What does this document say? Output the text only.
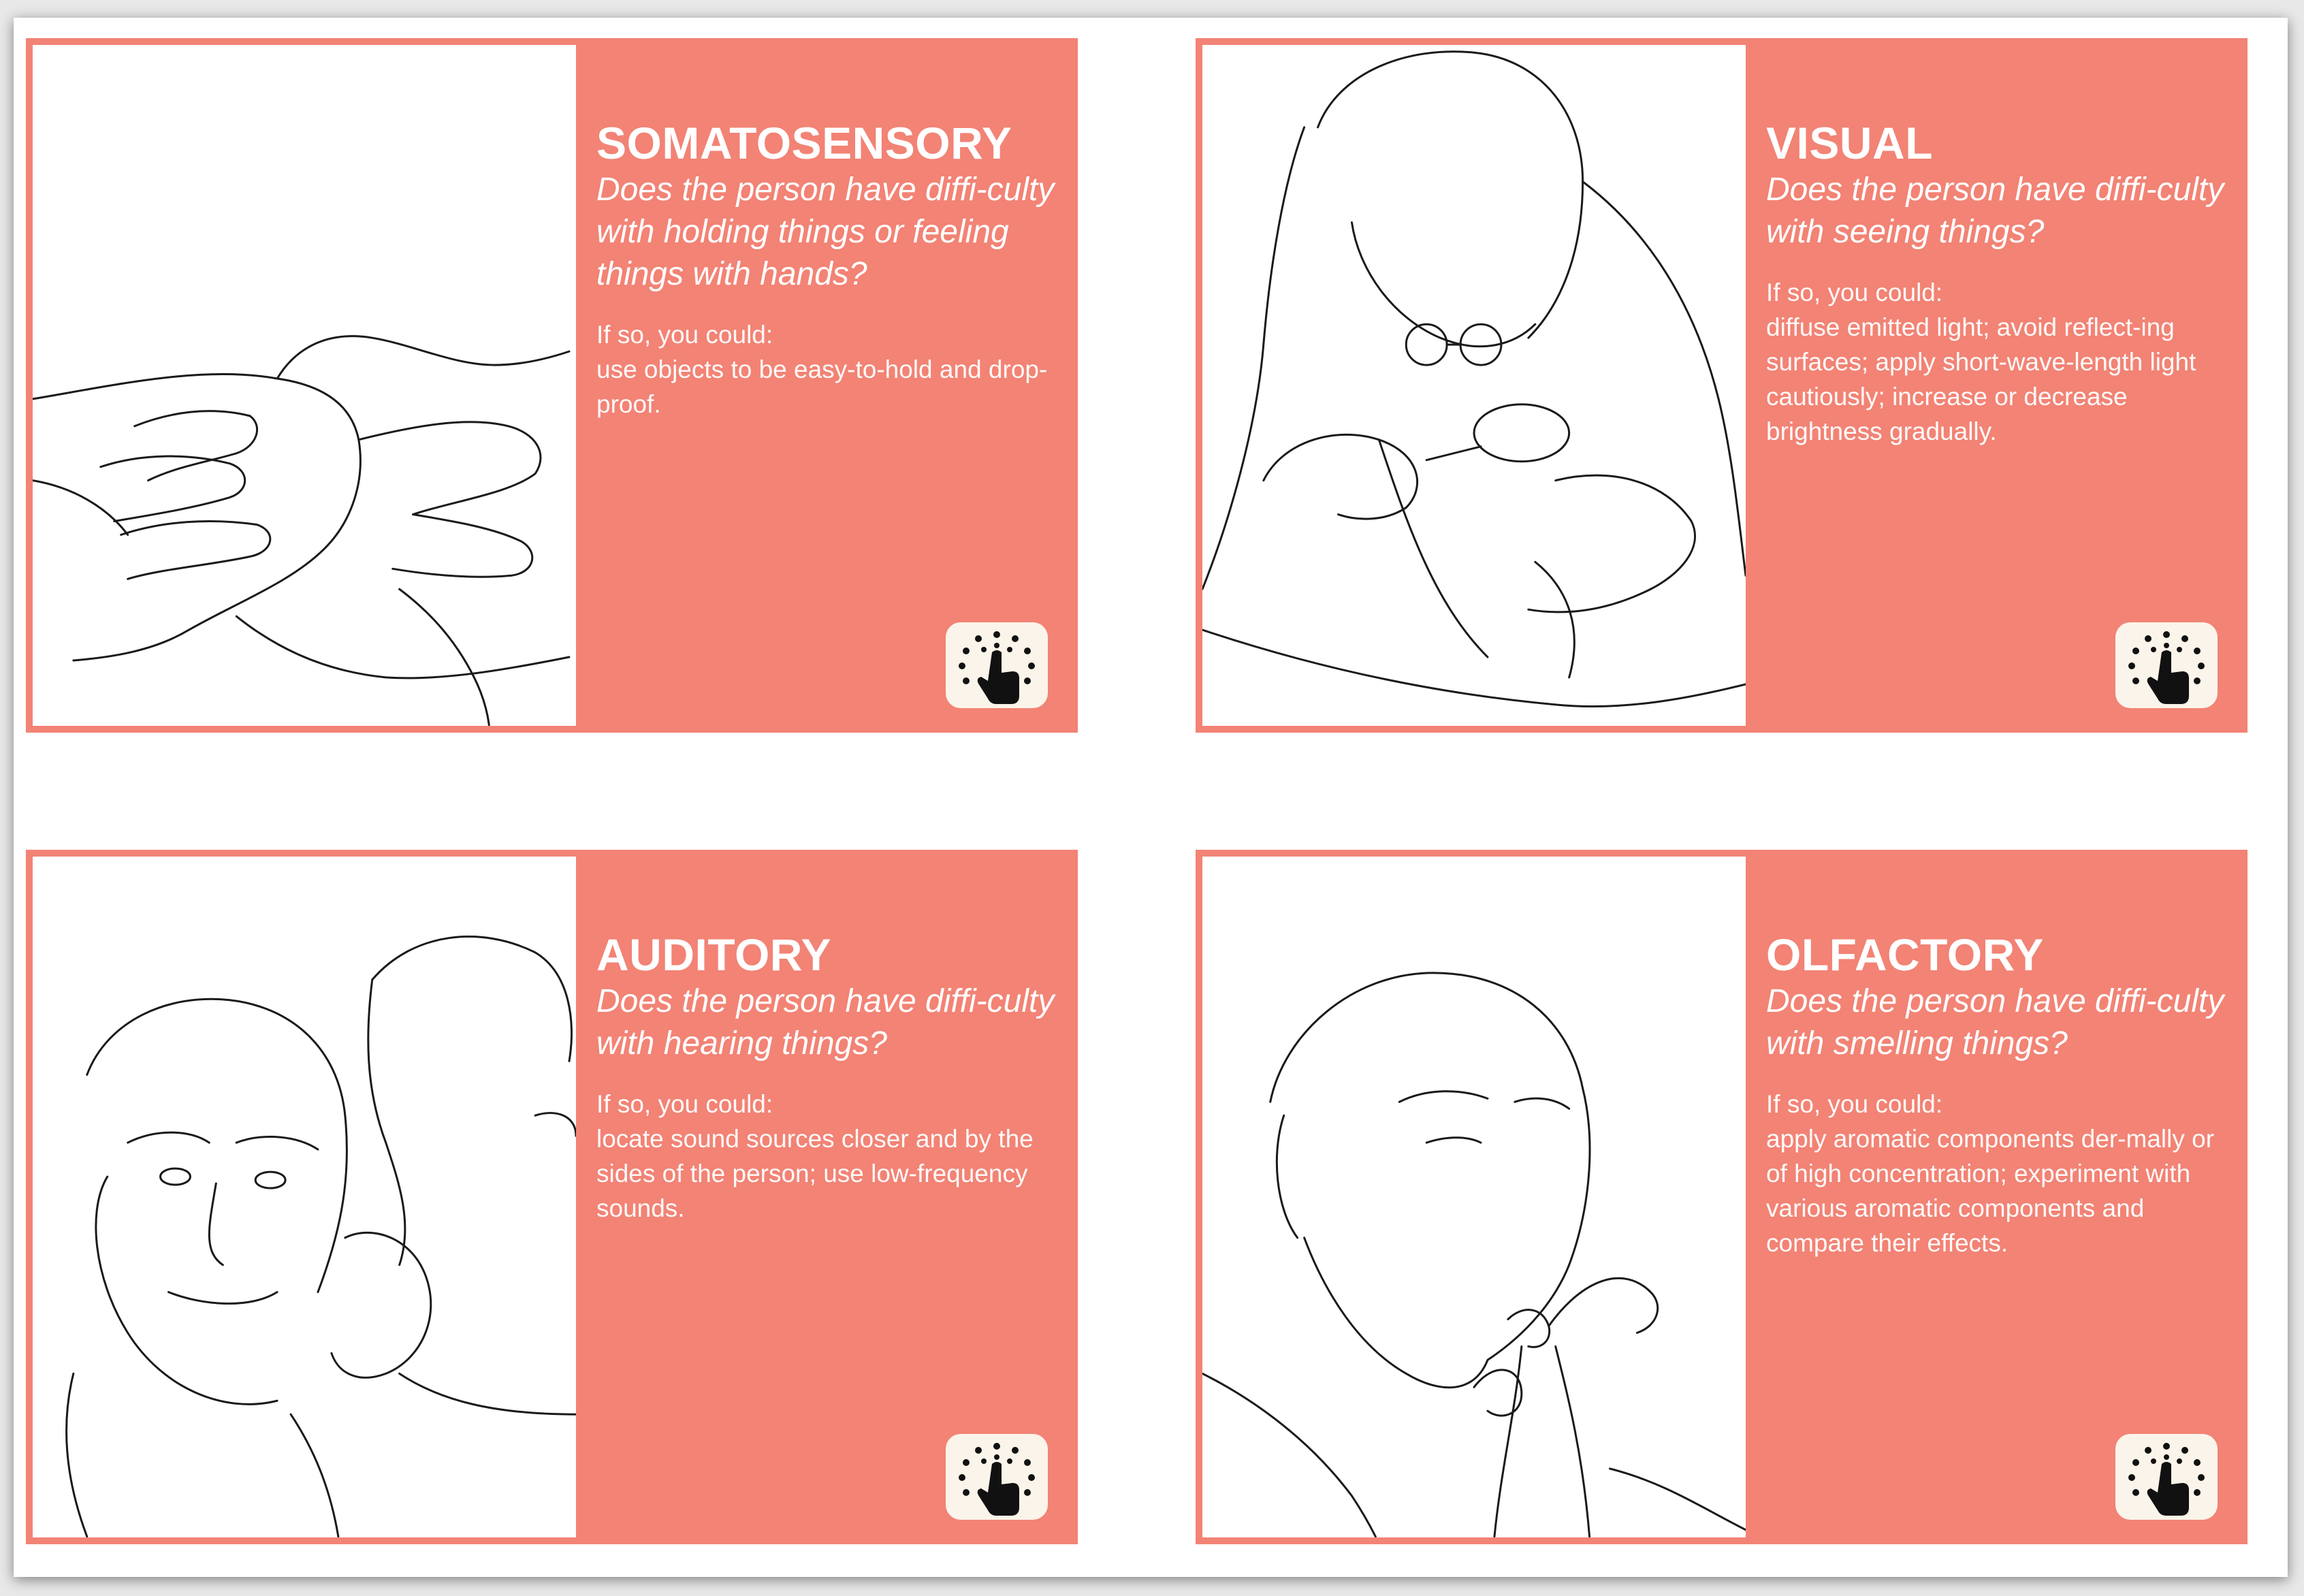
SOMATOSENSORY
Does the person have diffi-culty with holding things or feeling things with hands?
If so, you could:
use objects to be easy-to-hold and drop-proof.
VISUAL
Does the person have diffi-culty with seeing things?
If so, you could:
diffuse emitted light; avoid reflect-ing surfaces; apply short-wave-length light cautiously; increase or decrease brightness gradually.
AUDITORY
Does the person have diffi-culty with hearing things?
If so, you could:
locate sound sources closer and by the sides of the person; use low-frequency sounds.
OLFACTORY
Does the person have diffi-culty with smelling things?
If so, you could:
apply aromatic components der-mally or of high concentration; experiment with various aromatic components and compare their effects.
